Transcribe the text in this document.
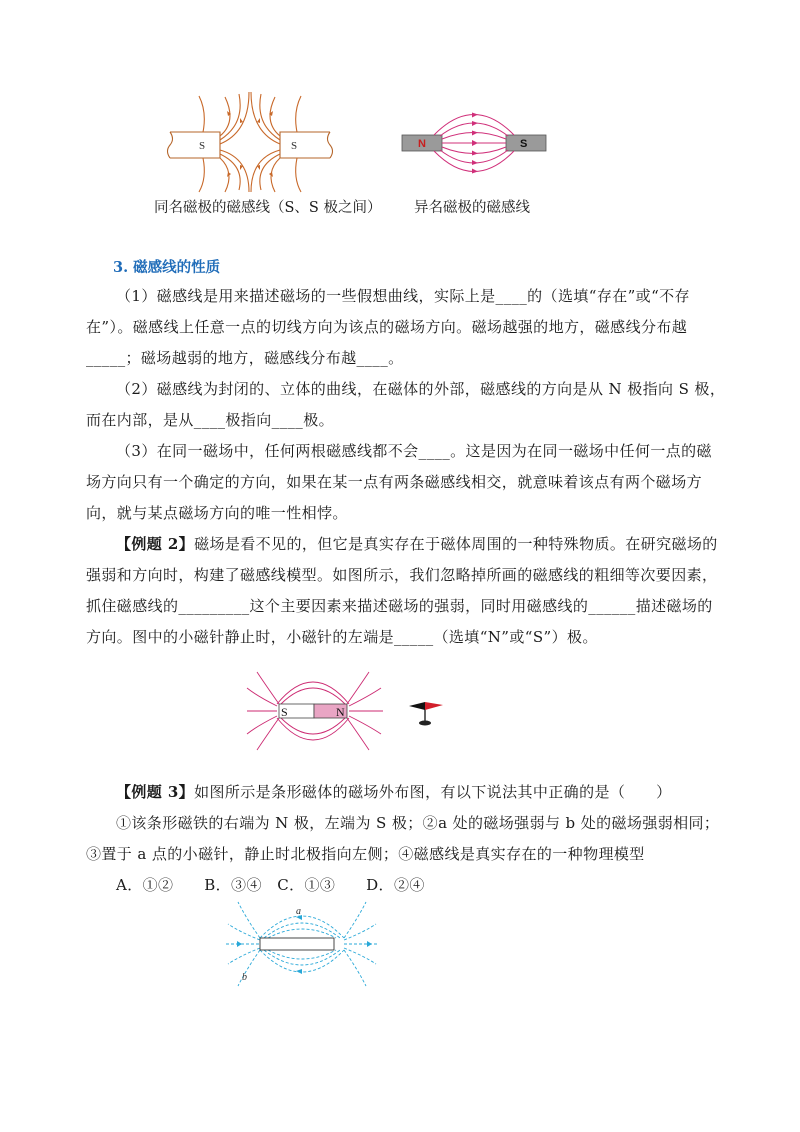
S	S	N	S
同名磁极的磁感线（S、S 极之间） 异名磁极的磁感线
3. 磁感线的性质
（1）磁感线是用来描述磁场的一些假想曲线，实际上是____的（选填“存在”或“不存在”）。磁感线上任意一点的切线方向为该点的磁场方向。磁场越强的地方，磁感线分布越_____；磁场越弱的地方，磁感线分布越____。
（2）磁感线为封闭的、立体的曲线，在磁体的外部，磁感线的方向是从 N 极指向 S 极，而在内部，是从____极指向____极。
（3）在同一磁场中，任何两根磁感线都不会____。这是因为在同一磁场中任何一点的磁场方向只有一个确定的方向，如果在某一点有两条磁感线相交，就意味着该点有两个磁场方向，就与某点磁场方向的唯一性相悖。
【例题 2】磁场是看不见的，但它是真实存在于磁体周围的一种特殊物质。在研究磁场的强弱和方向时，构建了磁感线模型。如图所示，我们忽略掉所画的磁感线的粗细等次要因素，抓住磁感线的_________这个主要因素来描述磁场的强弱，同时用磁感线的______描述磁场的方向。图中的小磁针静止时，小磁针的左端是_____（选填“N”或“S”）极。
S	N
【例题 3】如图所示是条形磁体的磁场外布图，有以下说法其中正确的是（　　）
①该条形磁铁的右端为 N 极，左端为 S 极；②a 处的磁场强弱与 b 处的磁场强弱相同；③置于 a 点的小磁针，静止时北极指向左侧；④磁感线是真实存在的一种物理模型
A．①②　　B．③④　C．①③　　D．②④
a
b
